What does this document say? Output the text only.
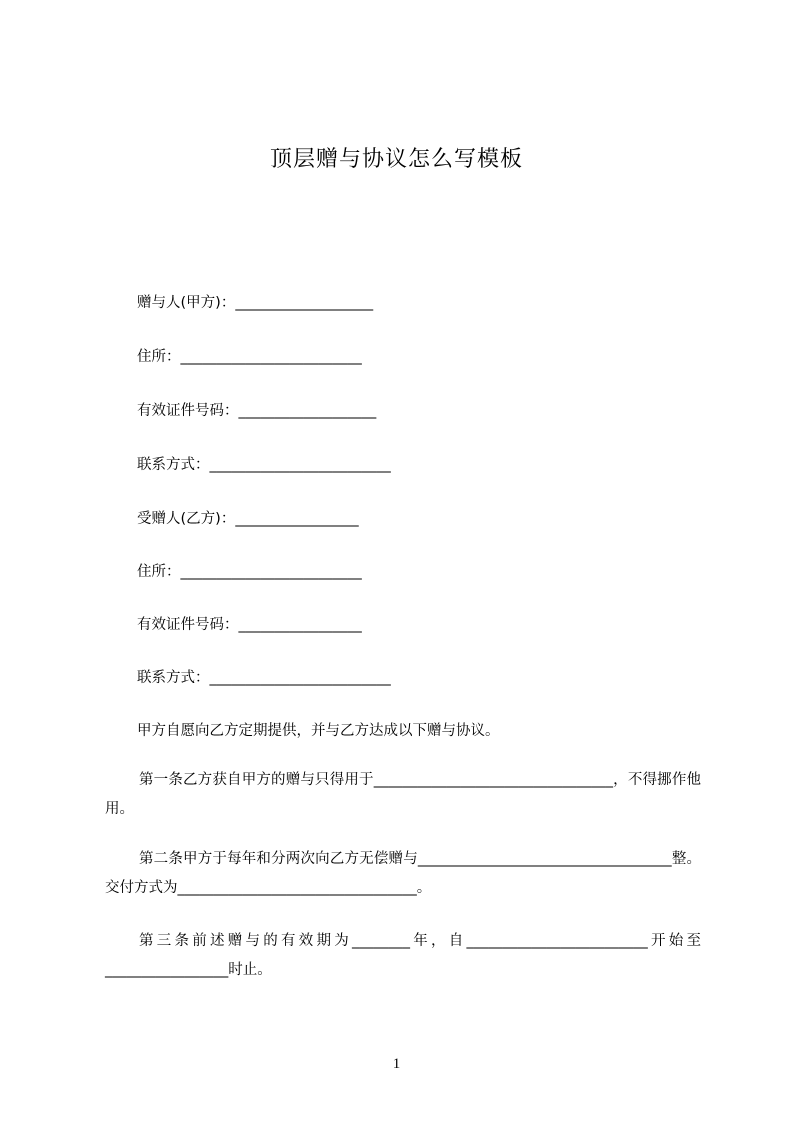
顶层赠与协议怎么写模板
赠与人(甲方)：___________________
住所：_________________________
有效证件号码：___________________
联系方式：_________________________
受赠人(乙方)：_________________
住所：_________________________
有效证件号码：_________________
联系方式：_________________________
甲方自愿向乙方定期提供，并与乙方达成以下赠与协议。
第一条乙方获自甲方的赠与只得用于_________________________________，不得挪作他用。
第二条甲方于每年和分两次向乙方无偿赠与___________________________________整。交付方式为_________________________________。
第三条前述赠与的有效期为________年，自_________________________开始至_________________时止。
1
